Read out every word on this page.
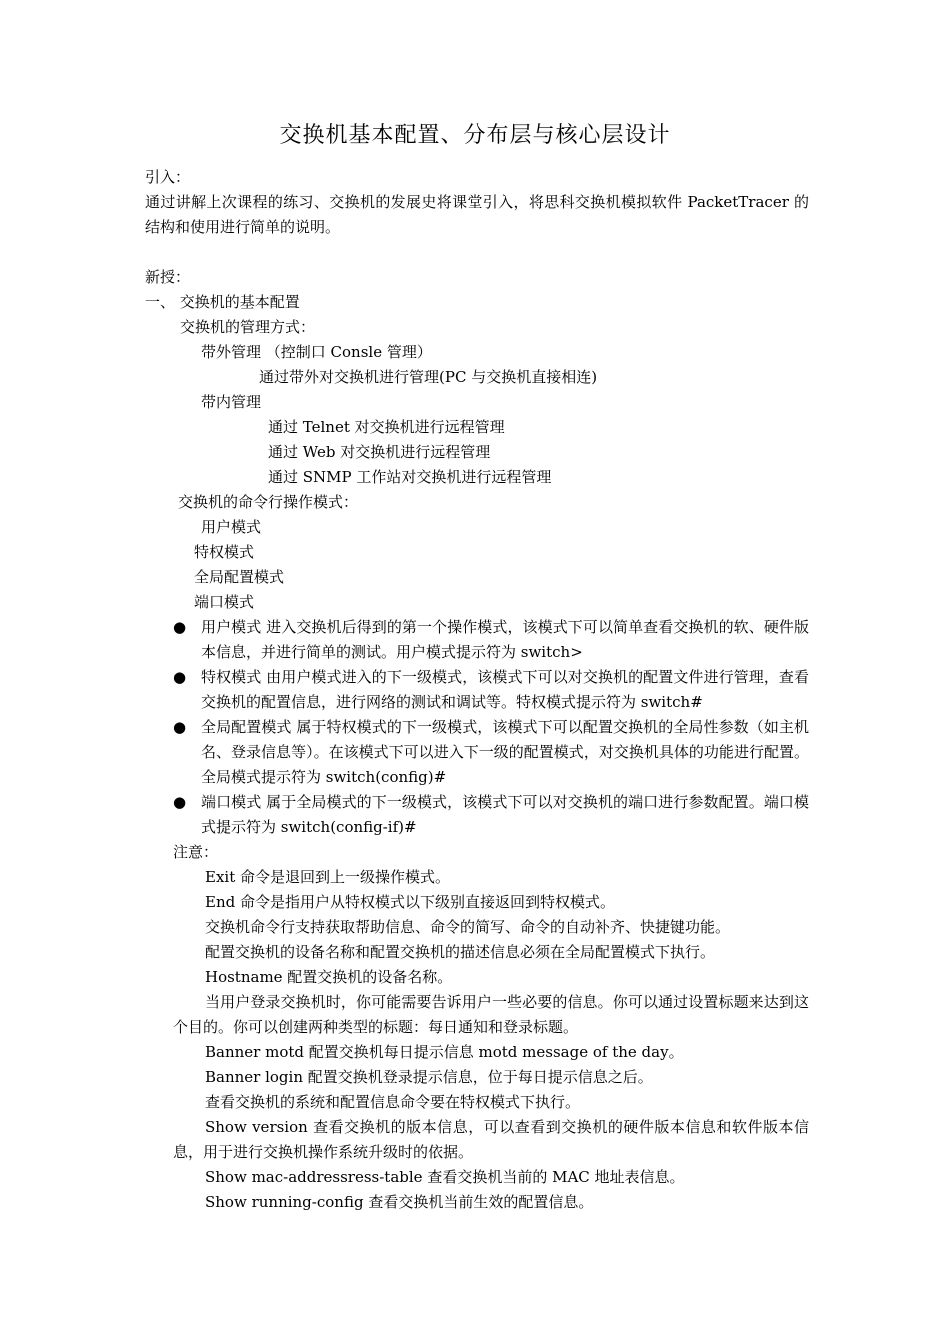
交换机基本配置、分布层与核心层设计
引入：
通过讲解上次课程的练习、交换机的发展史将课堂引入，将思科交换机模拟软件 PacketTracer 的结构和使用进行简单的说明。
新授：
一、 交换机的基本配置
交换机的管理方式：
带外管理 （控制口 Consle 管理）
通过带外对交换机进行管理(PC 与交换机直接相连)
带内管理
通过 Telnet 对交换机进行远程管理
通过 Web 对交换机进行远程管理
通过 SNMP 工作站对交换机进行远程管理
交换机的命令行操作模式：
用户模式
特权模式
全局配置模式
端口模式
● 用户模式 进入交换机后得到的第一个操作模式，该模式下可以简单查看交换机的软、硬件版本信息，并进行简单的测试。用户模式提示符为 switch>
● 特权模式 由用户模式进入的下一级模式，该模式下可以对交换机的配置文件进行管理，查看交换机的配置信息，进行网络的测试和调试等。特权模式提示符为 switch#
● 全局配置模式 属于特权模式的下一级模式，该模式下可以配置交换机的全局性参数（如主机名、登录信息等）。在该模式下可以进入下一级的配置模式，对交换机具体的功能进行配置。全局模式提示符为 switch(config)#
● 端口模式 属于全局模式的下一级模式，该模式下可以对交换机的端口进行参数配置。端口模式提示符为 switch(config-if)#
注意：
Exit 命令是退回到上一级操作模式。
End 命令是指用户从特权模式以下级别直接返回到特权模式。
交换机命令行支持获取帮助信息、命令的简写、命令的自动补齐、快捷键功能。
配置交换机的设备名称和配置交换机的描述信息必须在全局配置模式下执行。
Hostname 配置交换机的设备名称。
当用户登录交换机时，你可能需要告诉用户一些必要的信息。你可以通过设置标题来达到这个目的。你可以创建两种类型的标题：每日通知和登录标题。
Banner motd 配置交换机每日提示信息 motd message of the day。
Banner login 配置交换机登录提示信息，位于每日提示信息之后。
查看交换机的系统和配置信息命令要在特权模式下执行。
Show version 查看交换机的版本信息，可以查看到交换机的硬件版本信息和软件版本信息，用于进行交换机操作系统升级时的依据。
Show mac-addressress-table 查看交换机当前的 MAC 地址表信息。
Show running-config 查看交换机当前生效的配置信息。
